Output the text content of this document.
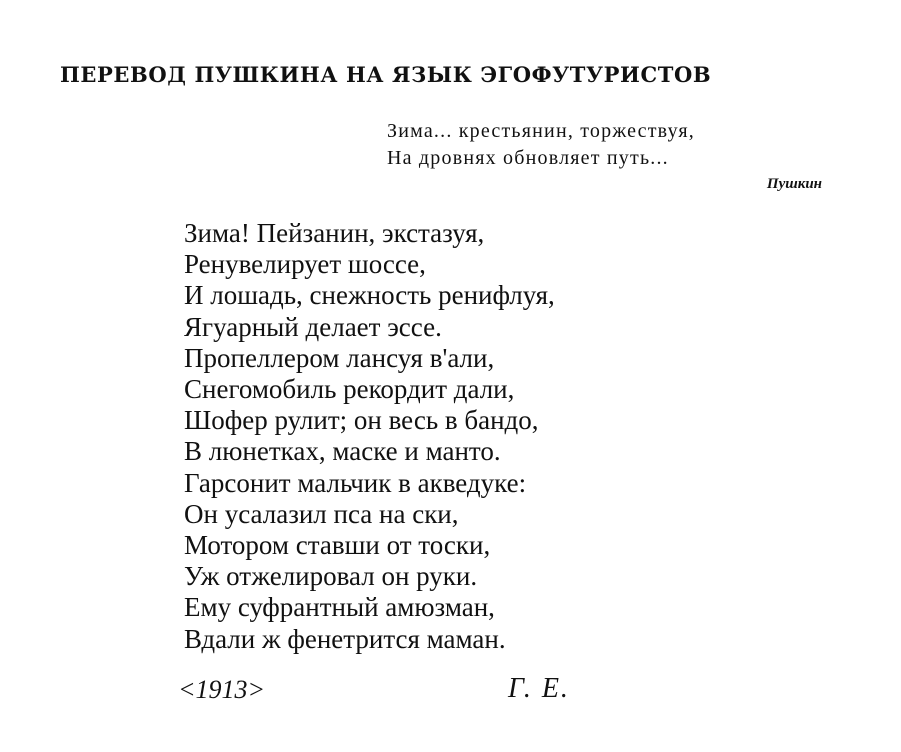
ПЕРЕВОД ПУШКИНА НА ЯЗЫК ЭГОФУТУРИСТОВ
Зима... крестьянин, торжествуя,
На дровнях обновляет путь...
Пушкин
Зима! Пейзанин, экстазуя,
Ренувелирует шоссе,
И лошадь, снежность ренифлуя,
Ягуарный делает эссе.
Пропеллером лансуя в'али,
Снегомобиль рекордит дали,
Шофер рулит; он весь в бандо,
В люнетках, маске и манто.
Гарсонит мальчик в акведуке:
Он усалазил пса на ски,
Мотором ставши от тоски,
Уж отжелировал он руки.
Ему суфрантный амюзман,
Вдали ж фенетрится маман.
<1913>	Г. Е.
